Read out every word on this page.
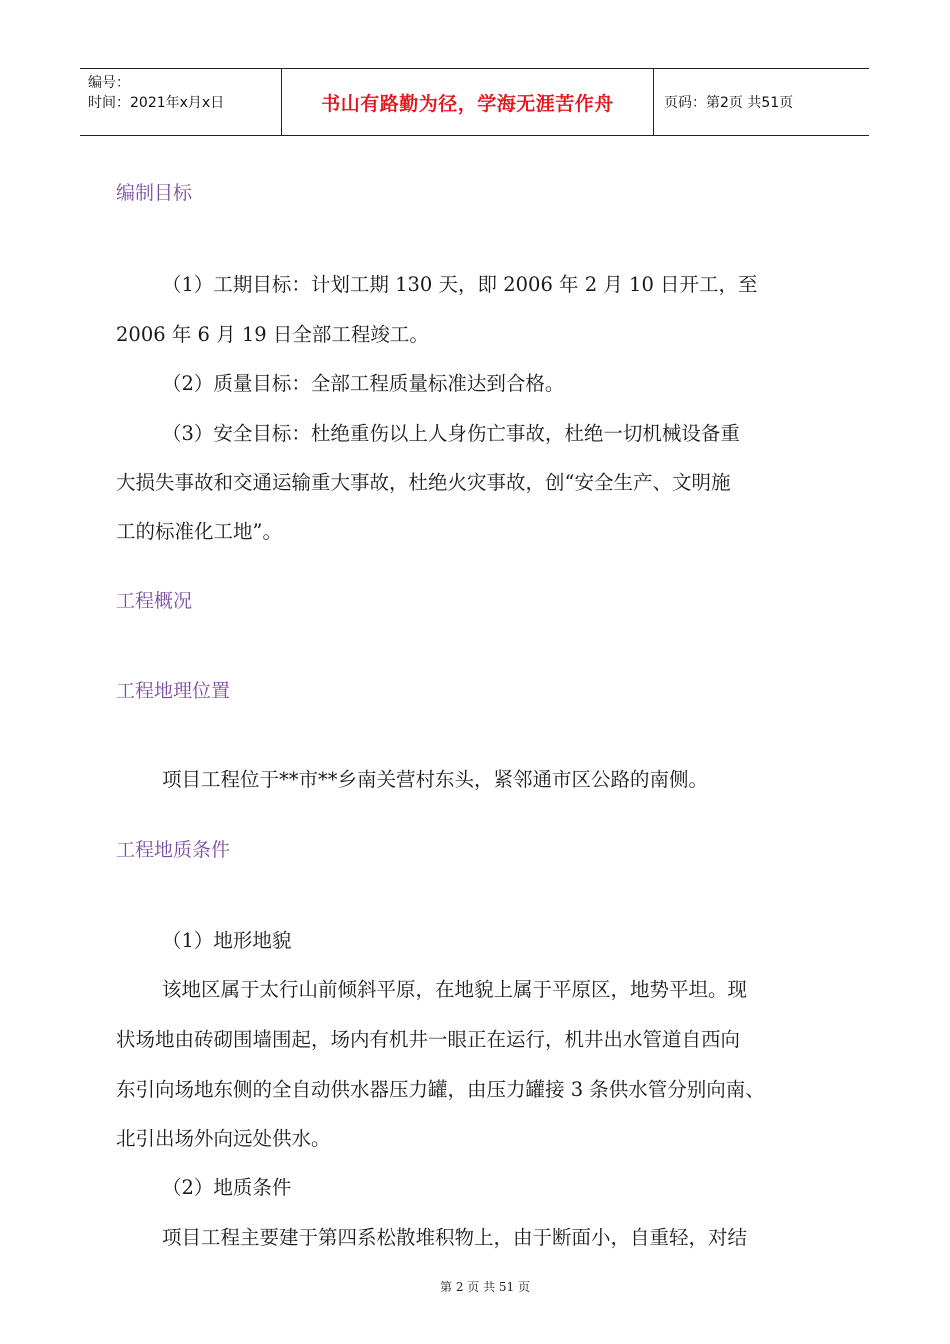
编号：
时间：2021年x月x日	书山有路勤为径，学海无涯苦作舟	页码：第2页 共51页
编制目标
（1）工期目标：计划工期 130 天，即 2006 年 2 月 10 日开工，至
2006 年 6 月 19 日全部工程竣工。
（2）质量目标：全部工程质量标准达到合格。
（3）安全目标：杜绝重伤以上人身伤亡事故，杜绝一切机械设备重
大损失事故和交通运输重大事故，杜绝火灾事故，创“安全生产、文明施
工的标准化工地”。
工程概况
工程地理位置
项目工程位于**市**乡南关营村东头，紧邻通市区公路的南侧。
工程地质条件
（1）地形地貌
该地区属于太行山前倾斜平原，在地貌上属于平原区，地势平坦。现
状场地由砖砌围墙围起，场内有机井一眼正在运行，机井出水管道自西向
东引向场地东侧的全自动供水器压力罐，由压力罐接 3 条供水管分别向南、
北引出场外向远处供水。
（2）地质条件
项目工程主要建于第四系松散堆积物上，由于断面小，自重轻，对结
第 2 页 共 51 页
